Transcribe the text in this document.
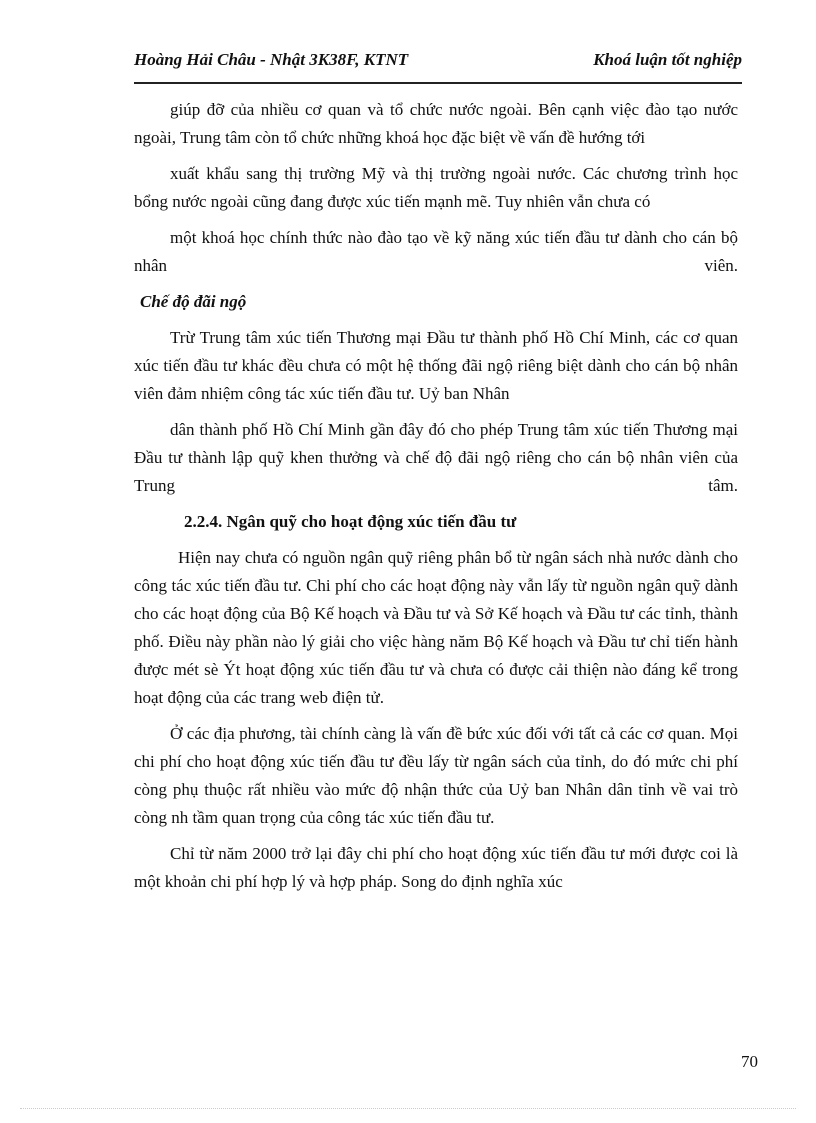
Hoàng Hải Châu - Nhật 3K38F, KTNT	Khoá luận tốt nghiệp

giúp đỡ của nhiều cơ quan và tổ chức nước ngoài. Bên cạnh việc đào tạo nước ngoài, Trung tâm còn tổ chức những khoá học đặc biệt về vấn đề hướng tới

xuất khẩu sang thị trường Mỹ và thị trường ngoài nước. Các chương trình học bổng nước ngoài cũng đang được xúc tiến mạnh mẽ. Tuy nhiên vẫn chưa có

một khoá học chính thức nào đào tạo về kỹ năng xúc tiến đầu tư dành cho cán bộ nhân viên.

Chế độ đãi ngộ

Trừ Trung tâm xúc tiến Thương mại Đầu tư thành phố Hồ Chí Minh, các cơ quan xúc tiến đầu tư khác đều chưa có một hệ thống đãi ngộ riêng biệt dành cho cán bộ nhân viên đảm nhiệm công tác xúc tiến đầu tư. Uỷ ban Nhân

dân thành phố Hồ Chí Minh gần đây đó cho phép Trung tâm xúc tiến Thương mại Đầu tư thành lập quỹ khen thưởng và chế độ đãi ngộ riêng cho cán bộ nhân viên của Trung tâm.

2.2.4. Ngân quỹ cho hoạt động xúc tiến đầu tư

Hiện nay chưa có nguồn ngân quỹ riêng phân bổ từ ngân sách nhà nước dành cho công tác xúc tiến đầu tư. Chi phí cho các hoạt động này vẫn lấy từ nguồn ngân quỹ dành cho các hoạt động của Bộ Kế hoạch và Đầu tư và Sở Kế hoạch và Đầu tư các tỉnh, thành phố. Điều này phần nào lý giải cho việc hàng năm Bộ Kế hoạch và Đầu tư chỉ tiến hành được mét sè Ýt hoạt động xúc tiến đầu tư và chưa có được cải thiện nào đáng kể trong hoạt động của các trang web điện tử.

Ở các địa phương, tài chính càng là vấn đề bức xúc đối với tất cả các cơ quan. Mọi chi phí cho hoạt động xúc tiến đầu tư đều lấy từ ngân sách của tỉnh, do đó mức chi phí còng phụ thuộc rất nhiều vào mức độ nhận thức của Uỷ ban Nhân dân tỉnh về vai trò còng nh tầm quan trọng của công tác xúc tiến đầu tư.

Chỉ từ năm 2000 trở lại đây chi phí cho hoạt động xúc tiến đầu tư mới được coi là một khoản chi phí hợp lý và hợp pháp. Song do định nghĩa xúc

70
